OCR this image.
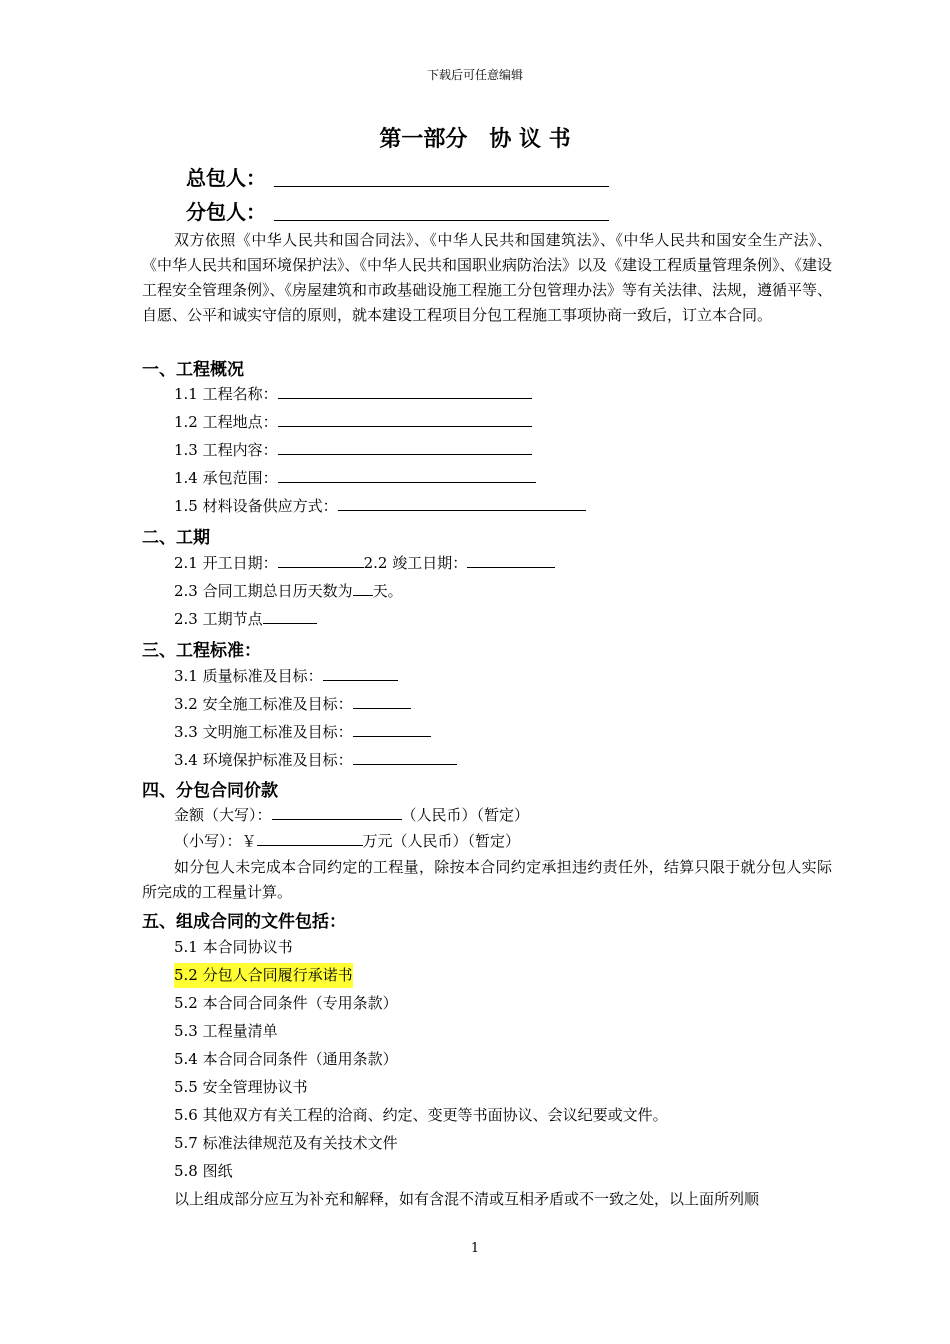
下载后可任意编辑
第一部分　协 议 书
总包人：
分包人：
双方依照《中华人民共和国合同法》、《中华人民共和国建筑法》、《中华人民共和国安全生产法》、《中华人民共和国环境保护法》、《中华人民共和国职业病防治法》以及《建设工程质量管理条例》、《建设工程安全管理条例》、《房屋建筑和市政基础设施工程施工分包管理办法》等有关法律、法规，遵循平等、自愿、公平和诚实守信的原则，就本建设工程项目分包工程施工事项协商一致后，订立本合同。
一、工程概况
1.1 工程名称：
1.2 工程地点：
1.3 工程内容：
1.4 承包范围：
1.5 材料设备供应方式：
二、工期
2.1 开工日期：	2.2 竣工日期：
2.3 合同工期总日历天数为 天。
2.3 工期节点
三、工程标准：
3.1 质量标准及目标：
3.2 安全施工标准及目标：
3.3 文明施工标准及目标：
3.4 环境保护标准及目标：
四、分包合同价款
金额（大写）：	（人民币）（暂定）
（小写）：￥	万元（人民币）（暂定）
如分包人未完成本合同约定的工程量，除按本合同约定承担违约责任外，结算只限于就分包人实际所完成的工程量计算。
五、组成合同的文件包括：
5.1 本合同协议书
5.2 分包人合同履行承诺书
5.2 本合同合同条件（专用条款）
5.3 工程量清单
5.4 本合同合同条件（通用条款）
5.5 安全管理协议书
5.6 其他双方有关工程的洽商、约定、变更等书面协议、会议纪要或文件。
5.7 标准法律规范及有关技术文件
5.8 图纸
以上组成部分应互为补充和解释，如有含混不清或互相矛盾或不一致之处，以上面所列顺
1
